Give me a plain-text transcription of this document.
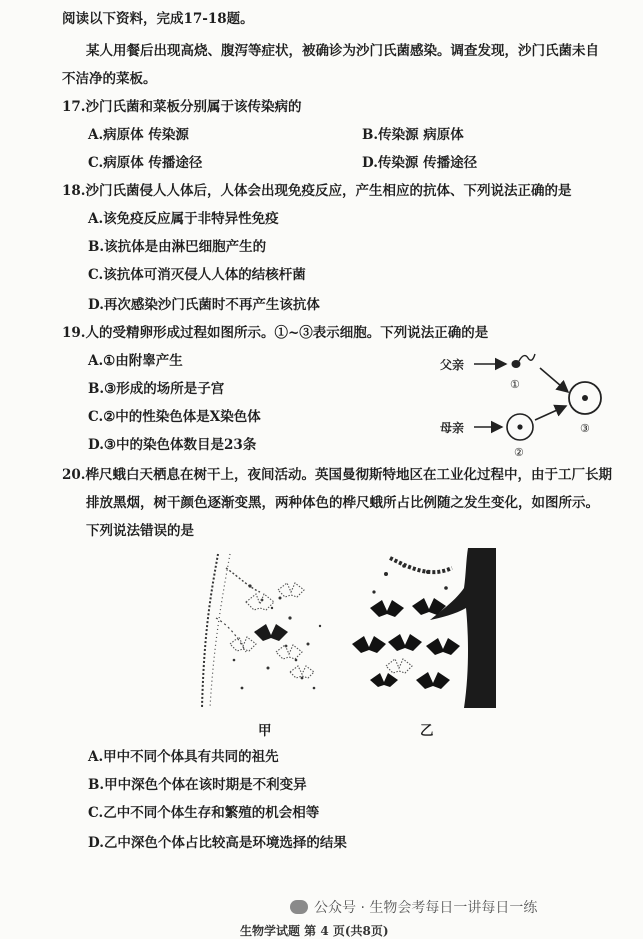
阅读以下资料，完成17-18题。
某人用餐后出现高烧、腹泻等症状，被确诊为沙门氏菌感染。调查发现，沙门氏菌未自
不洁净的菜板。
17.沙门氏菌和菜板分别属于该传染病的
A.病原体 传染源	B.传染源 病原体
C.病原体 传播途径	D.传染源 传播途径
18.沙门氏菌侵人人体后，人体会出现免疫反应，产生相应的抗体、下列说法正确的是
A.该免疫反应属于非特异性免疫
B.该抗体是由淋巴细胞产生的
C.该抗体可消灭侵人人体的结核杆菌
D.再次感染沙门氏菌时不再产生该抗体
19.人的受精卵形成过程如图所示。①~③表示细胞。下列说法正确的是
A.①由附睾产生
B.③形成的场所是子宫
C.②中的性染色体是X染色体
D.③中的染色体数目是23条
父亲
母亲
①
②
③
20.桦尺蛾白天栖息在树干上，夜间活动。英国曼彻斯特地区在工业化过程中，由于工厂长期
排放黑烟，树干颜色逐渐变黑，两种体色的桦尺蛾所占比例随之发生变化，如图所示。
下列说法错误的是
甲	乙
A.甲中不同个体具有共同的祖先
B.甲中深色个体在该时期是不利变异
C.乙中不同个体生存和繁殖的机会相等
D.乙中深色个体占比较高是环境选择的结果
公众号 · 生物会考每日一讲每日一练
生物学试题 第 4 页(共8页)
